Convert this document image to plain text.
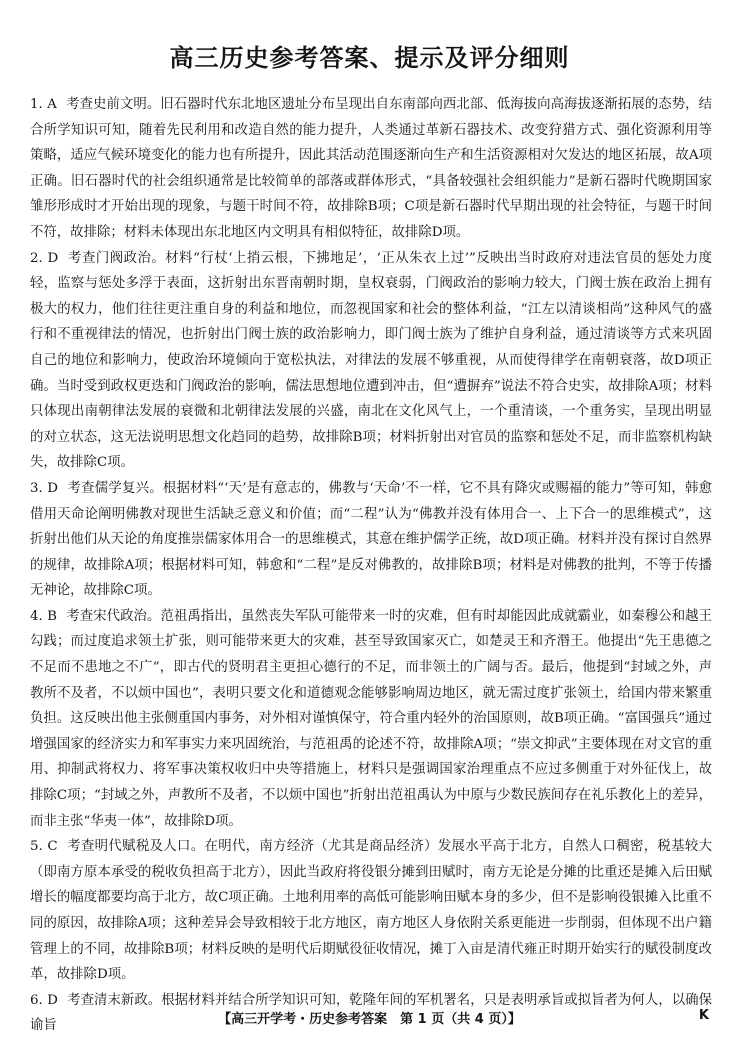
高三历史参考答案、提示及评分细则

1. A 考查史前文明。旧石器时代东北地区遗址分布呈现出自东南部向西北部、低海拔向高海拔逐渐拓展的态势，结合所学知识可知，随着先民利用和改造自然的能力提升，人类通过革新石器技术、改变狩猎方式、强化资源利用等策略，适应气候环境变化的能力也有所提升，因此其活动范围逐渐向生产和生活资源相对欠发达的地区拓展，故A项正确。旧石器时代的社会组织通常是比较简单的部落或群体形式，“具备较强社会组织能力”是新石器时代晚期国家雏形形成时才开始出现的现象，与题干时间不符，故排除B项；C项是新石器时代早期出现的社会特征，与题干时间不符，故排除；材料未体现出东北地区内文明具有相似特征，故排除D项。

2. D 考查门阀政治。材料“行杖‘上捎云根，下拂地足’，‘正从朱衣上过’”反映出当时政府对违法官员的惩处力度轻，监察与惩处多浮于表面，这折射出东晋南朝时期，皇权衰弱，门阀政治的影响力较大，门阀士族在政治上拥有极大的权力，他们往往更注重自身的利益和地位，而忽视国家和社会的整体利益，“江左以清谈相尚”这种风气的盛行和不重视律法的情况，也折射出门阀士族的政治影响力，即门阀士族为了维护自身利益，通过清谈等方式来巩固自己的地位和影响力，使政治环境倾向于宽松执法，对律法的发展不够重视，从而使得律学在南朝衰落，故D项正确。当时受到政权更迭和门阀政治的影响，儒法思想地位遭到冲击，但“遭摒弃”说法不符合史实，故排除A项；材料只体现出南朝律法发展的衰微和北朝律法发展的兴盛，南北在文化风气上，一个重清谈，一个重务实，呈现出明显的对立状态，这无法说明思想文化趋同的趋势，故排除B项；材料折射出对官员的监察和惩处不足，而非监察机构缺失，故排除C项。

3. D 考查儒学复兴。根据材料“‘天’是有意志的，佛教与‘天命’不一样，它不具有降灾或赐福的能力”等可知，韩愈借用天命论阐明佛教对现世生活缺乏意义和价值；而“二程”认为“佛教并没有体用合一、上下合一的思维模式”，这折射出他们从天论的角度推崇儒家体用合一的思维模式，其意在维护儒学正统，故D项正确。材料并没有探讨自然界的规律，故排除A项；根据材料可知，韩愈和“二程”是反对佛教的，故排除B项；材料是对佛教的批判，不等于传播无神论，故排除C项。

4. B 考查宋代政治。范祖禹指出，虽然丧失军队可能带来一时的灾难，但有时却能因此成就霸业，如秦穆公和越王勾践；而过度追求领土扩张，则可能带来更大的灾难，甚至导致国家灭亡，如楚灵王和齐湣王。他提出“先王患德之不足而不患地之不广”，即古代的贤明君主更担心德行的不足，而非领土的广阔与否。最后，他提到“封域之外，声教所不及者，不以烦中国也”，表明只要文化和道德观念能够影响周边地区，就无需过度扩张领土，给国内带来繁重负担。这反映出他主张侧重国内事务，对外相对谨慎保守，符合重内轻外的治国原则，故B项正确。“富国强兵”通过增强国家的经济实力和军事实力来巩固统治，与范祖禹的论述不符，故排除A项；“崇文抑武”主要体现在对文官的重用、抑制武将权力、将军事决策权收归中央等措施上，材料只是强调国家治理重点不应过多侧重于对外征伐上，故排除C项；“封域之外，声教所不及者，不以烦中国也”折射出范祖禹认为中原与少数民族间存在礼乐教化上的差异，而非主张“华夷一体”，故排除D项。

5. C 考查明代赋税及人口。在明代，南方经济（尤其是商品经济）发展水平高于北方，自然人口稠密，税基较大（即南方原本承受的税收负担高于北方），因此当政府将役银分摊到田赋时，南方无论是分摊的比重还是摊入后田赋增长的幅度都要均高于北方，故C项正确。土地利用率的高低可能影响田赋本身的多少，但不是影响役银摊入比重不同的原因，故排除A项；这种差异会导致相较于北方地区，南方地区人身依附关系更能进一步削弱，但体现不出户籍管理上的不同，故排除B项；材料反映的是明代后期赋役征收情况，摊丁入亩是清代雍正时期开始实行的赋役制度改革，故排除D项。

6. D 考查清末新政。根据材料并结合所学知识可知，乾隆年间的军机署名，只是表明承旨或拟旨者为何人，以确保谕旨	【高三开学考・历史参考答案　第 1 页（共 4 页）】	K
